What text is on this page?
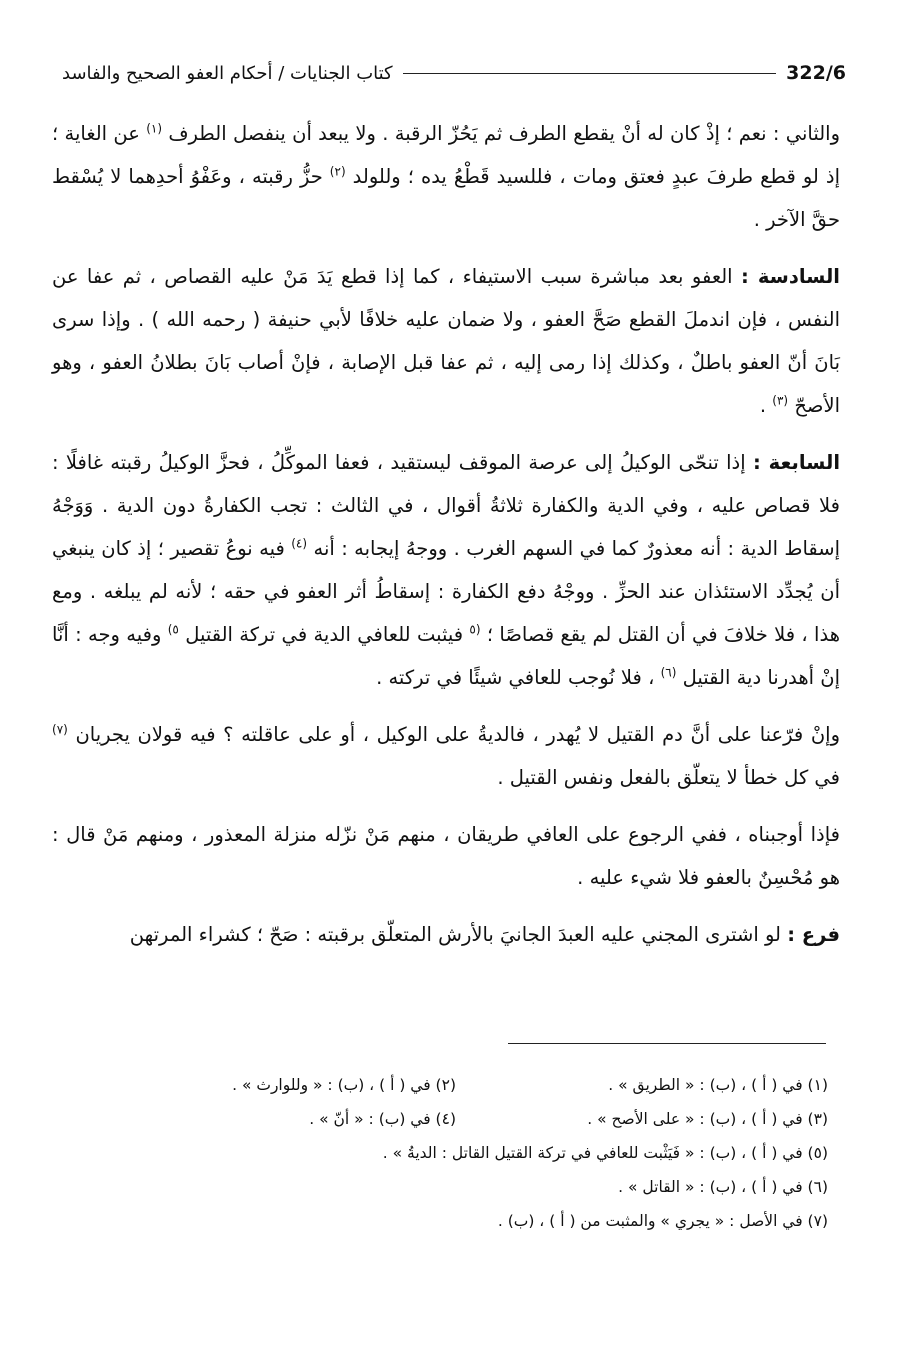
322/6
كتاب الجنايات / أحكام العفو الصحيح والفاسد

والثاني : نعم ؛ إذْ كان له أنْ يقطع الطرف ثم يَحُزّ الرقبة . ولا يبعد أن ينفصل الطرف $^{(١)}$ عن الغاية ؛ إذ لو قطع طرفَ عبدٍ فعتق ومات ، فللسيد قَطْعُ يده ؛ وللولد $^{(٢)}$ حزُّ رقبته ، وعَفْوُ أحدِهما لا يُسْقط حقَّ الآخر .

السادسة : العفو بعد مباشرة سبب الاستيفاء ، كما إذا قطع يَدَ مَنْ عليه القصاص ، ثم عفا عن النفس ، فإن اندملَ القطع صَحَّ العفو ، ولا ضمان عليه خلافًا لأبي حنيفة ( رحمه الله ) . وإذا سرى بَانَ أنّ العفو باطلٌ ، وكذلك إذا رمى إليه ، ثم عفا قبل الإصابة ، فإنْ أصاب بَانَ بطلانُ العفو ، وهو الأصحّ $^{(٣)}$ .

السابعة : إذا تنحّى الوكيلُ إلى عرصة الموقف ليستقيد ، فعفا الموكِّلُ ، فحزَّ الوكيلُ رقبته غافلًا : فلا قصاص عليه ، وفي الدية والكفارة ثلاثةُ أقوال ، في الثالث : تجب الكفارةُ دون الدية . وَوَجْهُ إسقاط الدية : أنه معذورٌ كما في السهم الغرب . ووجهُ إيجابه : أنه $^{(٤)}$ فيه نوعُ تقصير ؛ إذ كان ينبغي أن يُجدِّد الاستئذان عند الحزِّ . ووجْهُ دفع الكفارة : إسقاطُ أثر العفو في حقه ؛ لأنه لم يبلغه . ومع هذا ، فلا خلافَ في أن القتل لم يقع قصاصًا ؛ $^{(٥}$ فيثبت للعافي الدية في تركة القتيل $^{٥)}$ وفيه وجه : أنَّا إنْ أهدرنا دية القتيل $^{(٦)}$ ، فلا نُوجب للعافي شيئًا في تركته .

وإنْ فرّعنا على أنَّ دم القتيل لا يُهدر ، فالديةُ على الوكيل ، أو على عاقلته ؟ فيه قولان يجريان $^{(٧)}$ في كل خطأ لا يتعلّق بالفعل ونفس القتيل .

فإذا أوجبناه ، ففي الرجوع على العافي طريقان ، منهم مَنْ نزّله منزلة المعذور ، ومنهم مَنْ قال : هو مُحْسِنٌ بالعفو فلا شيء عليه .

فرع : لو اشترى المجني عليه العبدَ الجانيَ بالأرش المتعلّق برقبته : صَحّ ؛ كشراء المرتهن

(١) في ( أ ) ، (ب) : « الطريق » .
(٢) في ( أ ) ، (ب) : « وللوارث » .
(٣) في ( أ ) ، (ب) : « على الأصح » .
(٤) في (ب) : « أنّ » .
(٥) في ( أ ) ، (ب) : « فَيَثْبت للعافي في تركة القتيل القاتل : الديةُ » .
(٦) في ( أ ) ، (ب) : « القاتل » .
(٧) في الأصل : « يجري » والمثبت من ( أ ) ، (ب) .
